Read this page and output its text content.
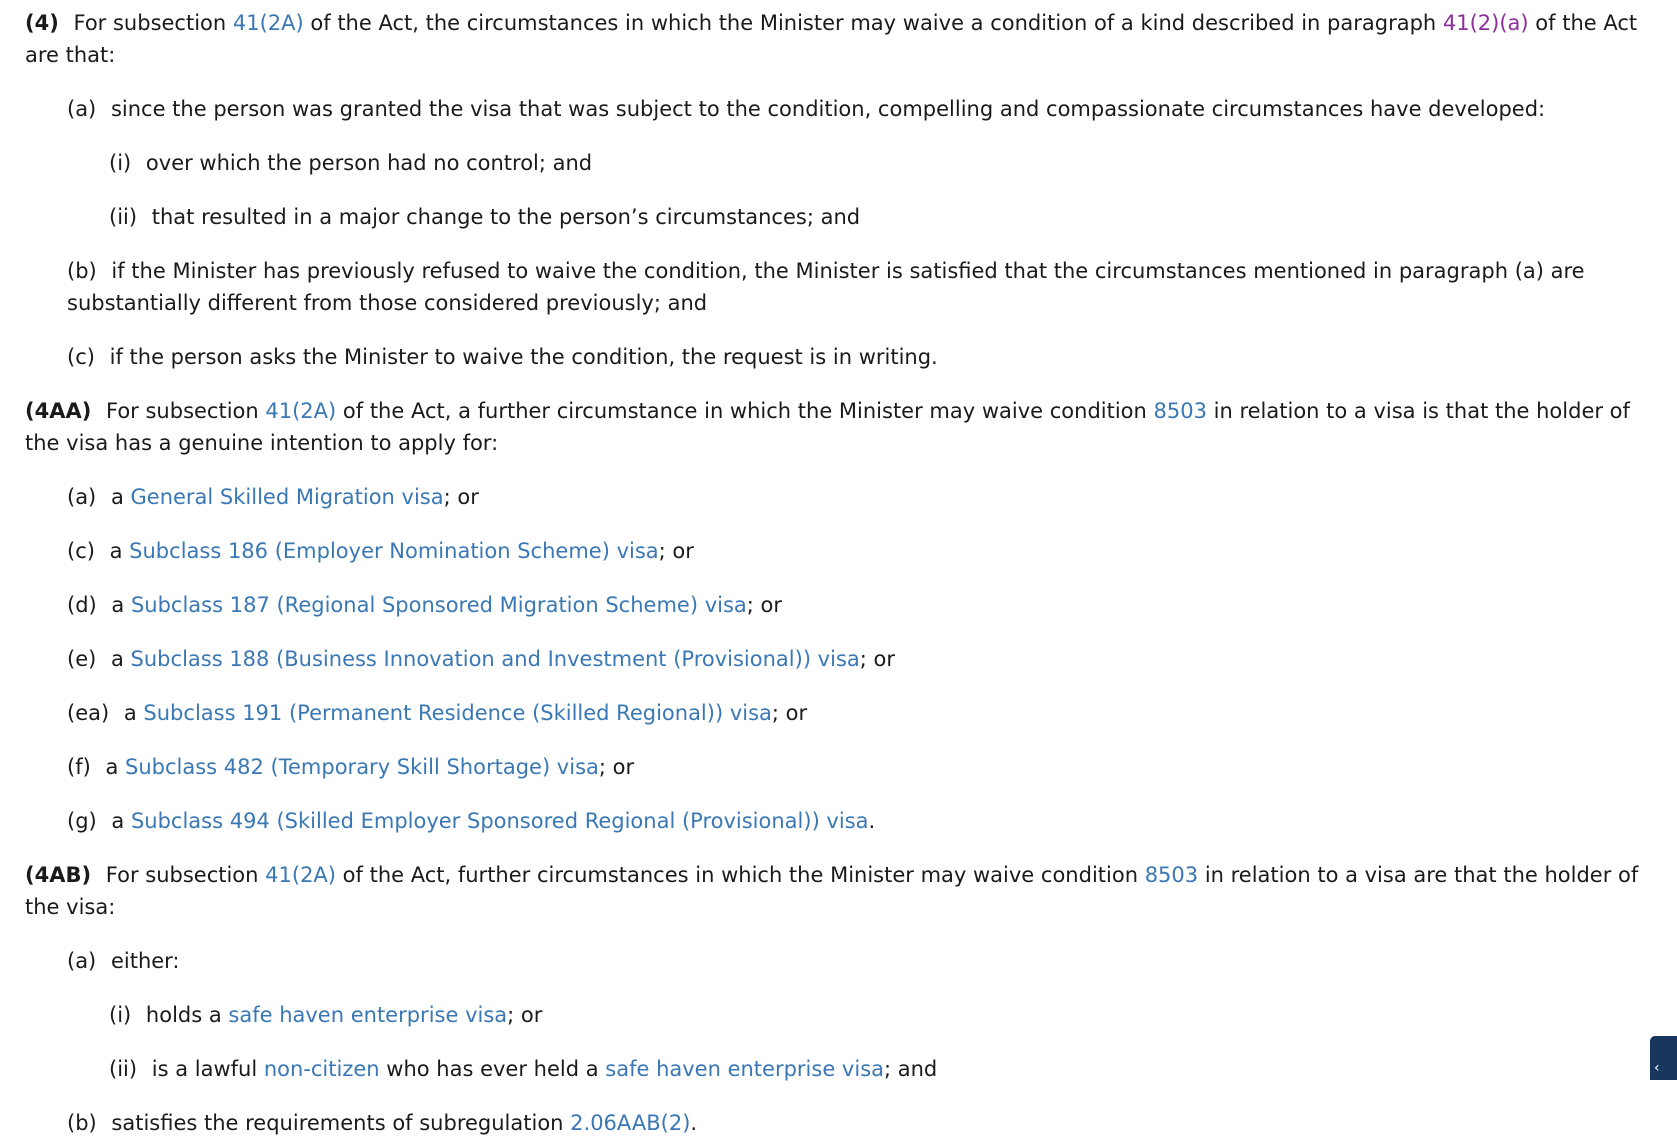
(4) For subsection 41(2A) of the Act, the circumstances in which the Minister may waive a condition of a kind described in paragraph 41(2)(a) of the Act are that:

(a) since the person was granted the visa that was subject to the condition, compelling and compassionate circumstances have developed:

(i) over which the person had no control; and

(ii) that resulted in a major change to the person’s circumstances; and

(b) if the Minister has previously refused to waive the condition, the Minister is satisfied that the circumstances mentioned in paragraph (a) are substantially different from those considered previously; and

(c) if the person asks the Minister to waive the condition, the request is in writing.

(4AA) For subsection 41(2A) of the Act, a further circumstance in which the Minister may waive condition 8503 in relation to a visa is that the holder of the visa has a genuine intention to apply for:

(a) a General Skilled Migration visa; or

(c) a Subclass 186 (Employer Nomination Scheme) visa; or

(d) a Subclass 187 (Regional Sponsored Migration Scheme) visa; or

(e) a Subclass 188 (Business Innovation and Investment (Provisional)) visa; or

(ea) a Subclass 191 (Permanent Residence (Skilled Regional)) visa; or

(f) a Subclass 482 (Temporary Skill Shortage) visa; or

(g) a Subclass 494 (Skilled Employer Sponsored Regional (Provisional)) visa.

(4AB) For subsection 41(2A) of the Act, further circumstances in which the Minister may waive condition 8503 in relation to a visa are that the holder of the visa:

(a) either:

(i) holds a safe haven enterprise visa; or

(ii) is a lawful non-citizen who has ever held a safe haven enterprise visa; and

(b) satisfies the requirements of subregulation 2.06AAB(2).

‹
